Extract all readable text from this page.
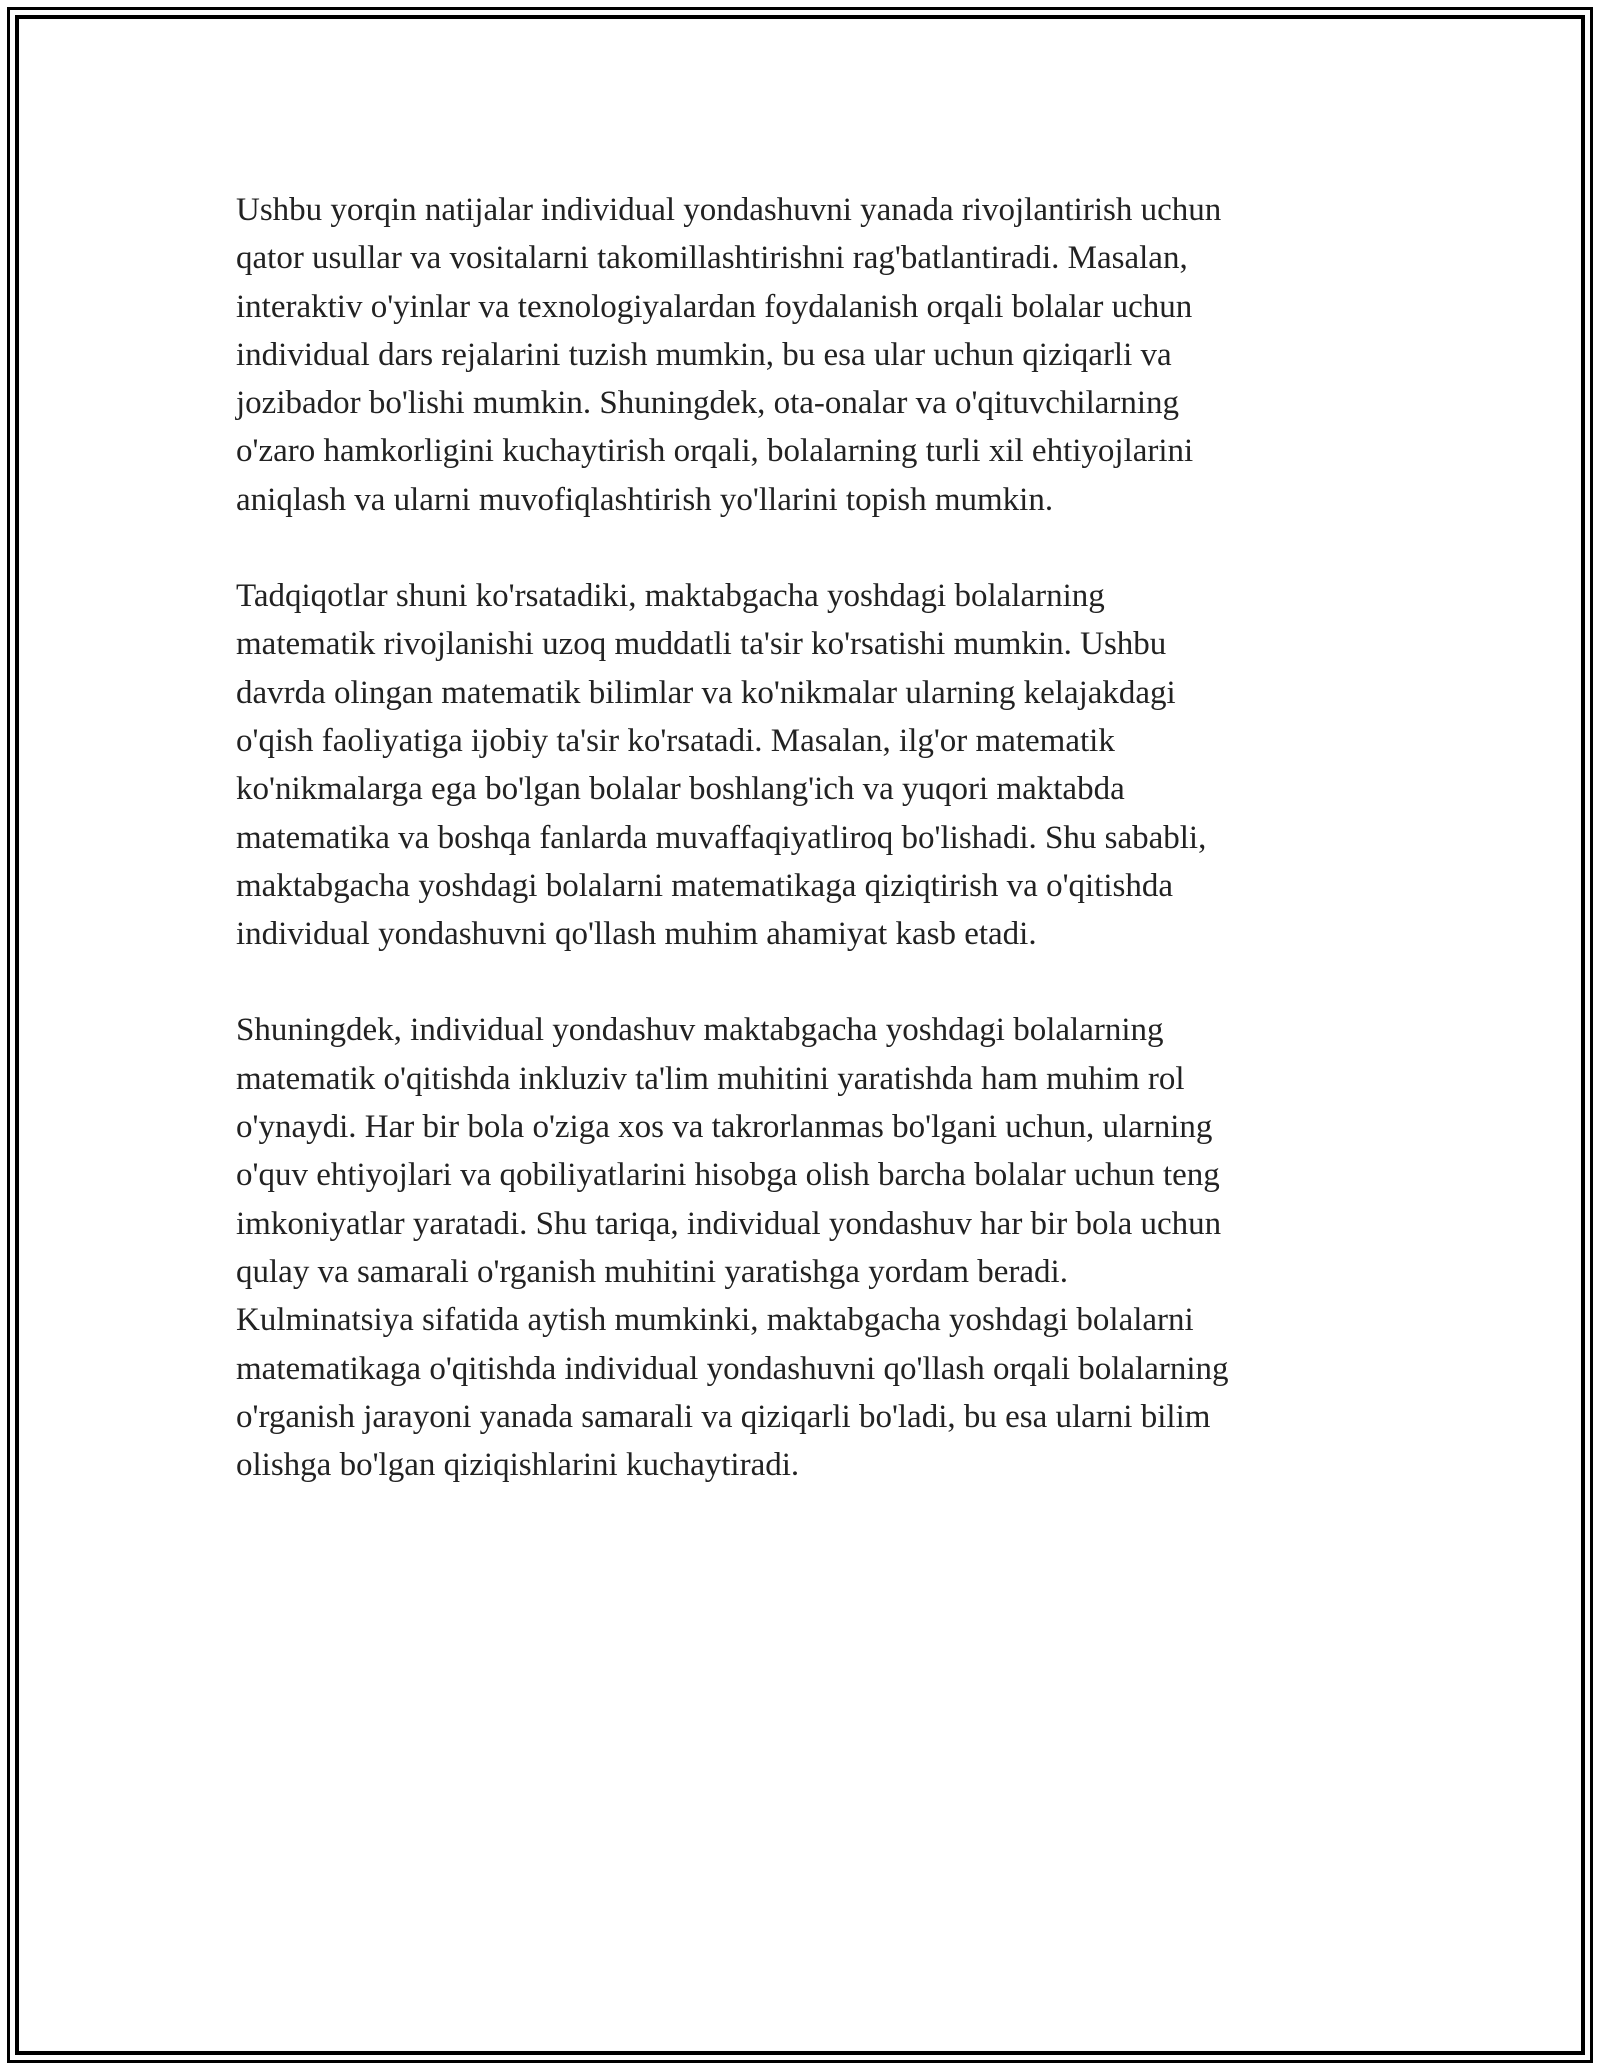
Ushbu yorqin natijalar individual yondashuvni yanada rivojlantirish uchun
qator usullar va vositalarni takomillashtirishni rag'batlantiradi. Masalan,
interaktiv o'yinlar va texnologiyalardan foydalanish orqali bolalar uchun
individual dars rejalarini tuzish mumkin, bu esa ular uchun qiziqarli va
jozibador bo'lishi mumkin. Shuningdek, ota-onalar va o'qituvchilarning
o'zaro hamkorligini kuchaytirish orqali, bolalarning turli xil ehtiyojlarini
aniqlash va ularni muvofiqlashtirish yo'llarini topish mumkin.

Tadqiqotlar shuni ko'rsatadiki, maktabgacha yoshdagi bolalarning
matematik rivojlanishi uzoq muddatli ta'sir ko'rsatishi mumkin. Ushbu
davrda olingan matematik bilimlar va ko'nikmalar ularning kelajakdagi
o'qish faoliyatiga ijobiy ta'sir ko'rsatadi. Masalan, ilg'or matematik
ko'nikmalarga ega bo'lgan bolalar boshlang'ich va yuqori maktabda
matematika va boshqa fanlarda muvaffaqiyatliroq bo'lishadi. Shu sababli,
maktabgacha yoshdagi bolalarni matematikaga qiziqtirish va o'qitishda
individual yondashuvni qo'llash muhim ahamiyat kasb etadi.

Shuningdek, individual yondashuv maktabgacha yoshdagi bolalarning
matematik o'qitishda inkluziv ta'lim muhitini yaratishda ham muhim rol
o'ynaydi. Har bir bola o'ziga xos va takrorlanmas bo'lgani uchun, ularning
o'quv ehtiyojlari va qobiliyatlarini hisobga olish barcha bolalar uchun teng
imkoniyatlar yaratadi. Shu tariqa, individual yondashuv har bir bola uchun
qulay va samarali o'rganish muhitini yaratishga yordam beradi.
Kulminatsiya sifatida aytish mumkinki, maktabgacha yoshdagi bolalarni
matematikaga o'qitishda individual yondashuvni qo'llash orqali bolalarning
o'rganish jarayoni yanada samarali va qiziqarli bo'ladi, bu esa ularni bilim
olishga bo'lgan qiziqishlarini kuchaytiradi.
